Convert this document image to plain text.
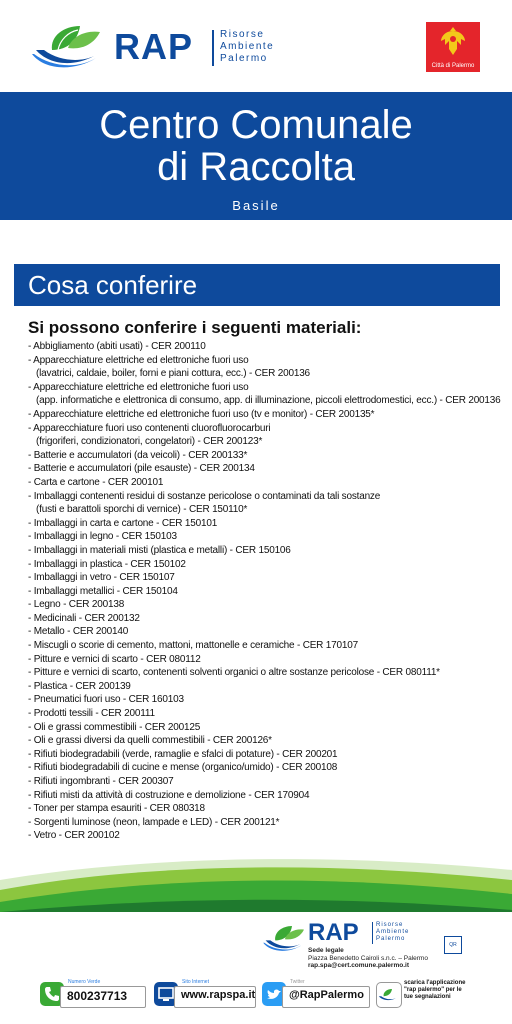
RAP	Risorse
Ambiente
Palermo
Città di Palermo
Centro Comunale
di Raccolta
Basile
Cosa conferire
Si possono conferire i seguenti materiali:
- Abbigliamento (abiti usati) - CER 200110
- Apparecchiature elettriche ed elettroniche fuori uso
(lavatrici, caldaie, boiler, forni e piani cottura, ecc.) - CER 200136
- Apparecchiature elettriche ed elettroniche fuori uso
(app. informatiche e elettronica di consumo, app. di illuminazione, piccoli elettrodomestici, ecc.) - CER 200136
- Apparecchiature elettriche ed elettroniche fuori uso (tv e monitor) - CER 200135*
- Apparecchiature fuori uso contenenti cluorofluorocarburi
(frigoriferi, condizionatori, congelatori) - CER 200123*
- Batterie e accumulatori (da veicoli) - CER 200133*
- Batterie e accumulatori (pile esauste) - CER 200134
- Carta e cartone - CER 200101
- Imballaggi contenenti residui di sostanze pericolose o contaminati da tali sostanze
(fusti e barattoli sporchi di vernice) - CER 150110*
- Imballaggi in carta e cartone - CER 150101
- Imballaggi in legno - CER 150103
- Imballaggi in materiali misti (plastica e metalli) - CER 150106
- Imballaggi in plastica - CER 150102
- Imballaggi in vetro - CER 150107
- Imballaggi metallici - CER 150104
- Legno - CER 200138
- Medicinali - CER 200132
- Metallo - CER 200140
- Miscugli o scorie di cemento, mattoni, mattonelle e ceramiche - CER 170107
- Pitture e vernici di scarto - CER 080112
- Pitture e vernici di scarto, contenenti solventi organici o altre sostanze pericolose - CER 080111*
- Plastica - CER 200139
- Pneumatici fuori uso - CER 160103
- Prodotti tessili - CER 200111
- Oli e grassi commestibili - CER 200125
- Oli e grassi diversi da quelli commestibili - CER 200126*
- Rifiuti biodegradabili (verde, ramaglie e sfalci di potature) - CER 200201
- Rifiuti biodegradabili di cucine e mense (organico/umido) - CER 200108
- Rifiuti ingombranti - CER 200307
- Rifiuti misti da attività di costruzione e demolizione - CER 170904
- Toner per stampa esauriti - CER 080318
- Sorgenti luminose (neon, lampade e LED) - CER 200121*
- Vetro - CER 200102
RAP	Risorse
Ambiente
Palermo
Sede legale
Piazza Benedetto Cairoli s.n.c. – Palermo
rap.spa@cert.comune.palermo.it
QR
Numero Verde
800237713
Sito Internet
www.rapspa.it
Twitter
@RapPalermo
scarica l'applicazione
"rap palermo" per le
tue segnalazioni
